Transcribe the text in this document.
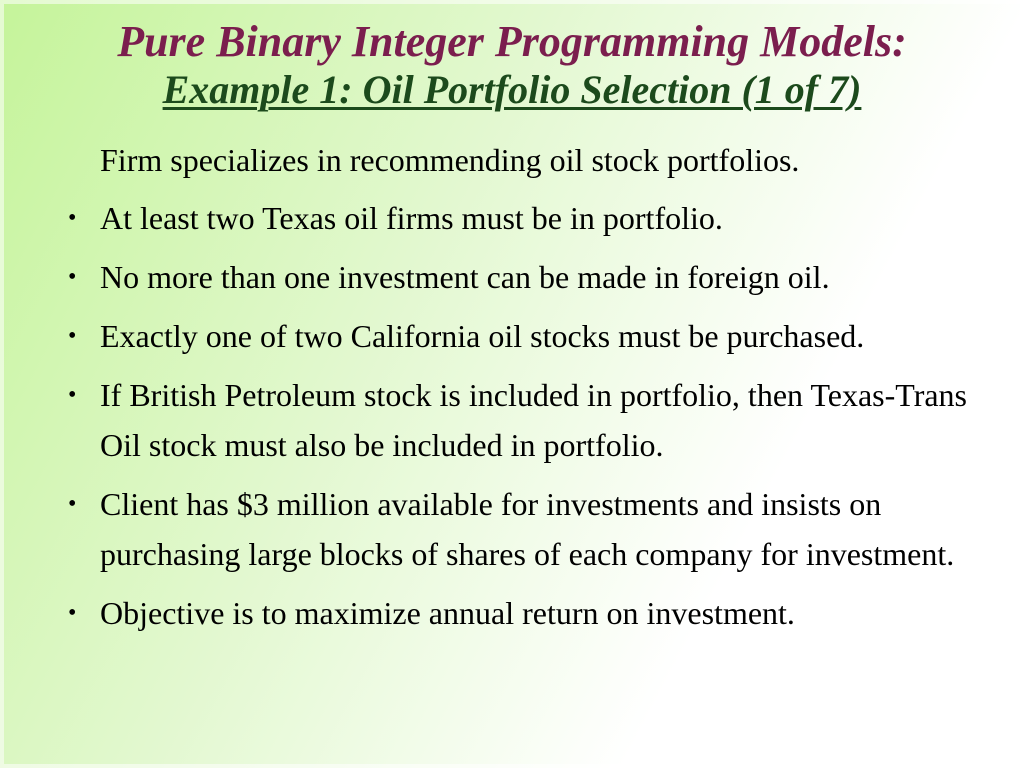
Pure Binary Integer Programming Models:
Example 1: Oil Portfolio Selection (1 of 7)

Firm specializes in recommending oil stock portfolios.

• At least two Texas oil firms must be in portfolio.
• No more than one investment can be made in foreign oil.
• Exactly one of two California oil stocks must be purchased.
• If British Petroleum stock is included in portfolio, then Texas-Trans Oil stock must also be included in portfolio.
• Client has $3 million available for investments and insists on purchasing large blocks of shares of each company for investment.
• Objective is to maximize annual return on investment.
